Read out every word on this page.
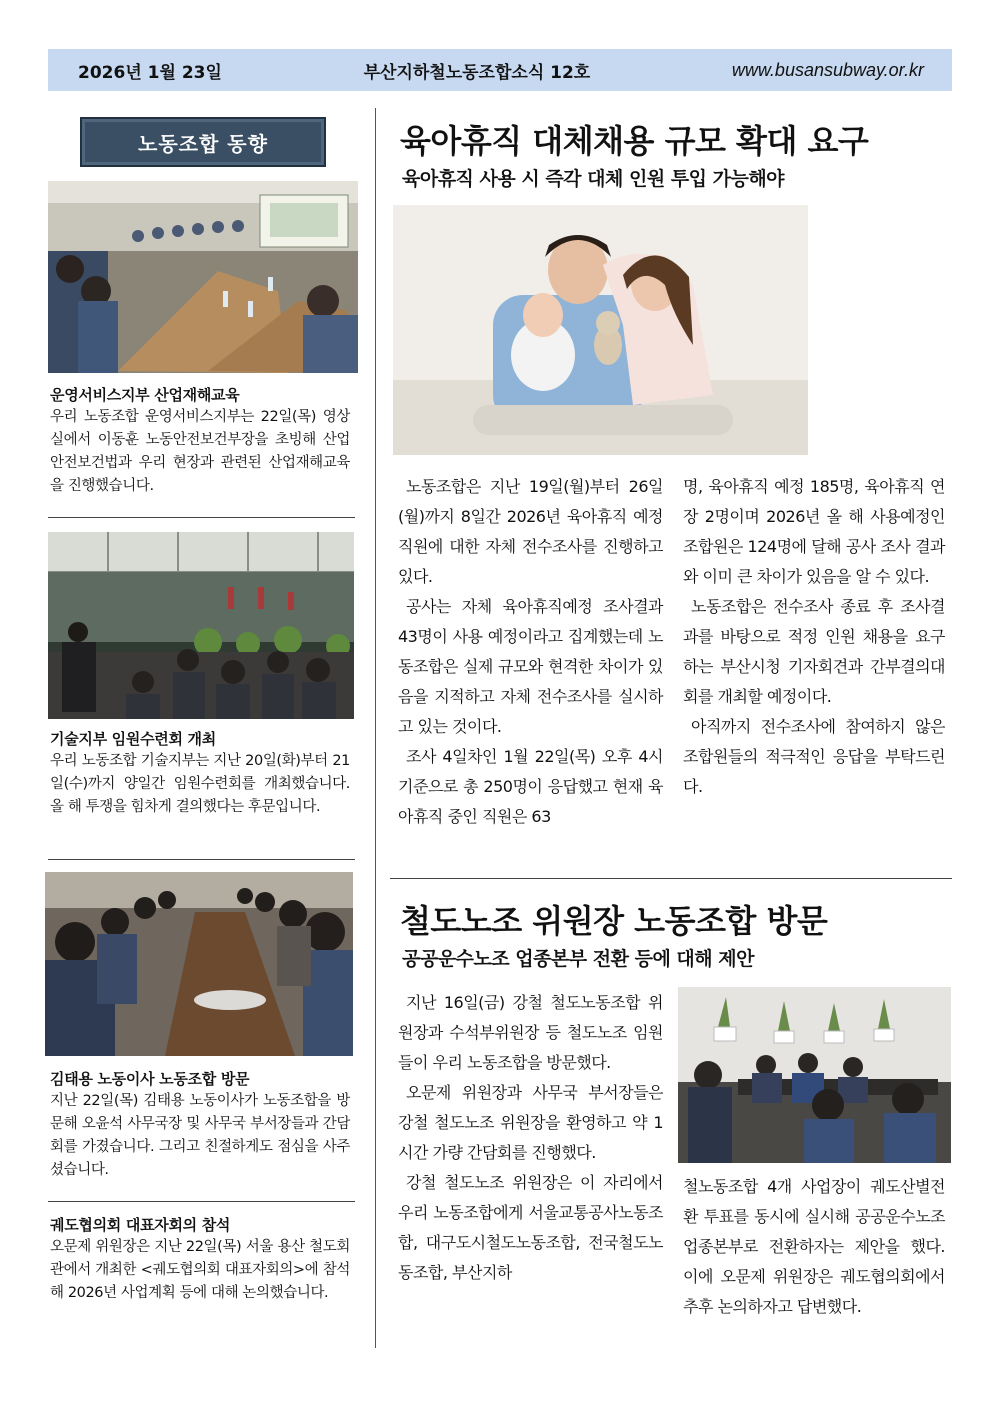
2026년 1월 23일	부산지하철노동조합소식 12호	www.busansubway.or.kr
노동조합 동향
운영서비스지부 산업재해교육
우리 노동조합 운영서비스지부는 22일(목) 영상실에서 이동훈 노동안전보건부장을 초빙해 산업안전보건법과 우리 현장과 관련된 산업재해교육을 진행했습니다.
기술지부 임원수련회 개최
우리 노동조합 기술지부는 지난 20일(화)부터 21일(수)까지 양일간 임원수련회를 개최했습니다. 올 해 투쟁을 힘차게 결의했다는 후문입니다.
김태용 노동이사 노동조합 방문
지난 22일(목) 김태용 노동이사가 노동조합을 방문해 오윤석 사무국장 및 사무국 부서장들과 간담회를 가졌습니다. 그리고 친절하게도 점심을 사주셨습니다.
궤도협의회 대표자회의 참석
오문제 위원장은 지난 22일(목) 서울 용산 철도회관에서 개최한 <궤도협의회 대표자회의>에 참석해 2026년 사업계획 등에 대해 논의했습니다.
육아휴직 대체채용 규모 확대 요구
육아휴직 사용 시 즉각 대체 인원 투입 가능해야

노동조합은 지난 19일(월)부터 26일(월)까지 8일간 2026년 육아휴직 예정직원에 대한 자체 전수조사를 진행하고 있다.

공사는 자체 육아휴직예정 조사결과 43명이 사용 예정이라고 집계했는데 노동조합은 실제 규모와 현격한 차이가 있음을 지적하고 자체 전수조사를 실시하고 있는 것이다.

조사 4일차인 1월 22일(목) 오후 4시 기준으로 총 250명이 응답했고 현재 육아휴직 중인 직원은 63

명, 육아휴직 예정 185명, 육아휴직 연장 2명이며 2026년 올 해 사용예정인 조합원은 124명에 달해 공사 조사 결과와 이미 큰 차이가 있음을 알 수 있다.

노동조합은 전수조사 종료 후 조사결과를 바탕으로 적정 인원 채용을 요구하는 부산시청 기자회견과 간부결의대회를 개최할 예정이다.

아직까지 전수조사에 참여하지 않은 조합원들의 적극적인 응답을 부탁드린다.

철도노조 위원장 노동조합 방문
공공운수노조 업종본부 전환 등에 대해 제안

지난 16일(금) 강철 철도노동조합 위원장과 수석부위원장 등 철도노조 임원들이 우리 노동조합을 방문했다.

오문제 위원장과 사무국 부서장들은 강철 철도노조 위원장을 환영하고 약 1시간 가량 간담회를 진행했다.

강철 철도노조 위원장은 이 자리에서 우리 노동조합에게 서울교통공사노동조합, 대구도시철도노동조합, 전국철도노동조합, 부산지하

철노동조합 4개 사업장이 궤도산별전환 투표를 동시에 실시해 공공운수노조 업종본부로 전환하자는 제안을 했다. 이에 오문제 위원장은 궤도협의회에서 추후 논의하자고 답변했다.
